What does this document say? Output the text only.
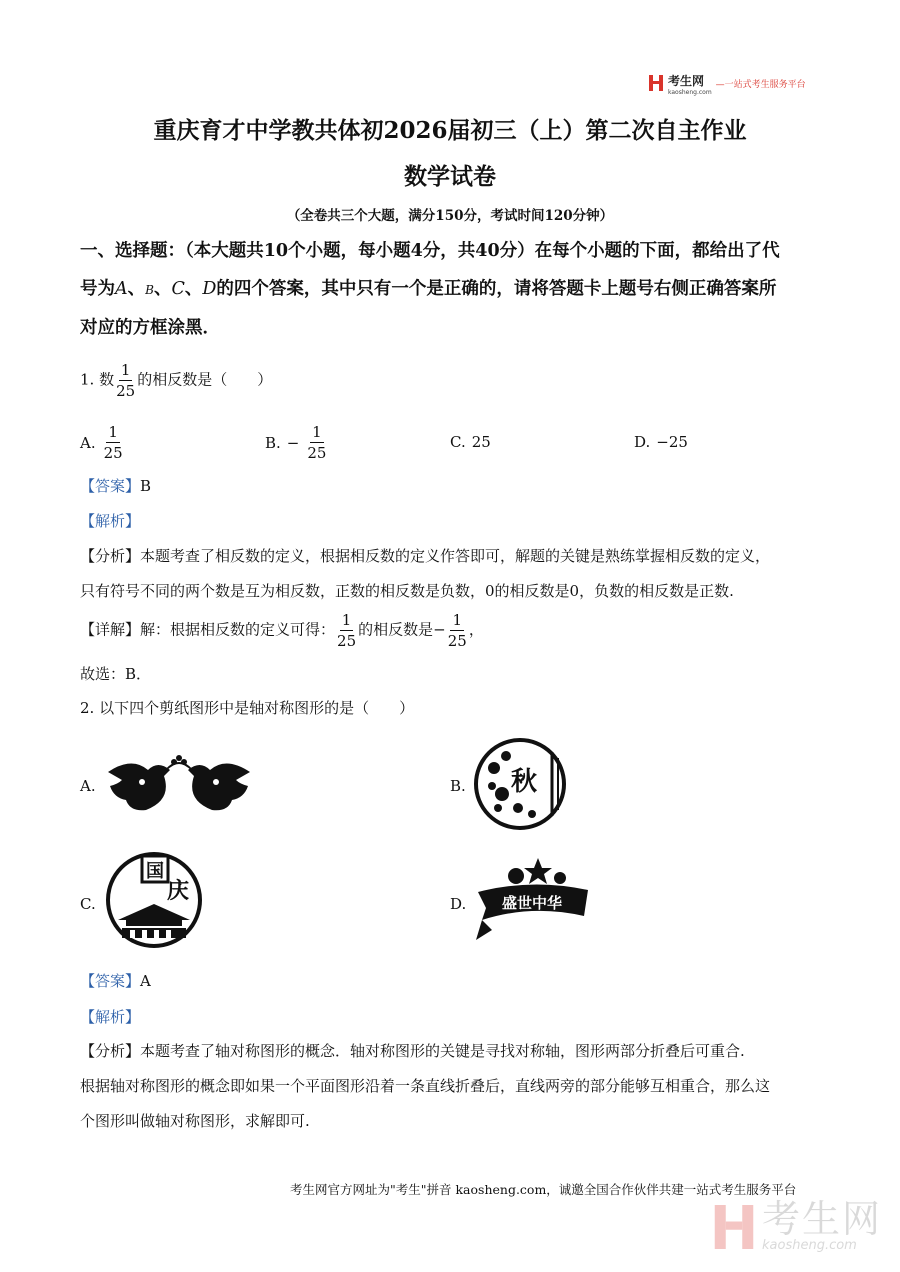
考生网
kaosheng.com
—一站式考生服务平台
重庆育才中学教共体初2026届初三（上）第二次自主作业
数学试卷
（全卷共三个大题，满分150分，考试时间120分钟）
一、选择题：（本大题共10个小题，每小题4分，共40分）在每个小题的下面，都给出了代
号为A、B、C、D的四个答案，其中只有一个是正确的，请将答题卡上题号右侧正确答案所
对应的方框涂黑．
1. 数 $\frac{1}{25}$ 的相反数是（　　）
A. $\frac{1}{25}$	B. − $\frac{1}{25}$	C. 25	D. −25
【答案】B
【解析】
【分析】本题考查了相反数的定义，根据相反数的定义作答即可，解题的关键是熟练掌握相反数的定义，
只有符号不同的两个数是互为相反数，正数的相反数是负数，0的相反数是0，负数的相反数是正数.
【详解】解：根据相反数的定义可得： $\frac{1}{25}$ 的相反数是− $\frac{1}{25}$ ，
故选：B．
2. 以下四个剪纸图形中是轴对称图形的是（　　）
A.	B. 秋
C.
国
庆	D. 盛世中华
【答案】A
【解析】
【分析】本题考查了轴对称图形的概念．轴对称图形的关键是寻找对称轴，图形两部分折叠后可重合.
根据轴对称图形的概念即如果一个平面图形沿着一条直线折叠后，直线两旁的部分能够互相重合，那么这
个图形叫做轴对称图形，求解即可.
考生网官方网址为"考生"拼音 kaosheng.com，诚邀全国合作伙伴共建一站式考生服务平台
考生网
kaosheng.com
